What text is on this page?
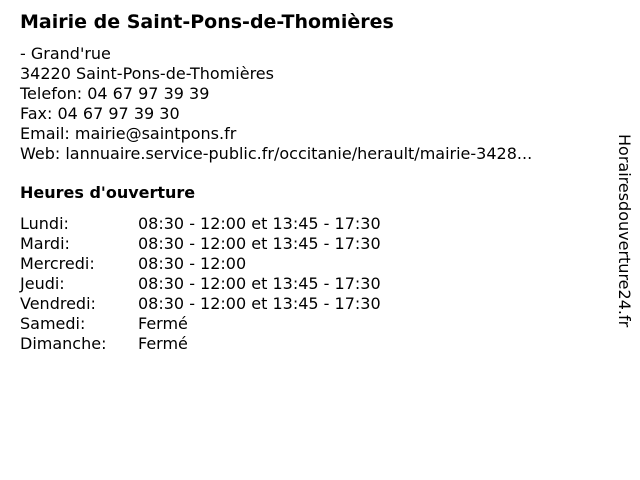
Mairie de Saint-Pons-de-Thomières
- Grand'rue
34220 Saint-Pons-de-Thomières
Telefon: 04 67 97 39 39
Fax: 04 67 97 39 30
Email: mairie@saintpons.fr
Web: lannuaire.service-public.fr/occitanie/herault/mairie-3428...
Heures d'ouverture
Lundi:	08:30 - 12:00 et 13:45 - 17:30
Mardi:	08:30 - 12:00 et 13:45 - 17:30
Mercredi:	08:30 - 12:00
Jeudi:	08:30 - 12:00 et 13:45 - 17:30
Vendredi:	08:30 - 12:00 et 13:45 - 17:30
Samedi:	Fermé
Dimanche: Fermé
Horairesdouverture24.fr
